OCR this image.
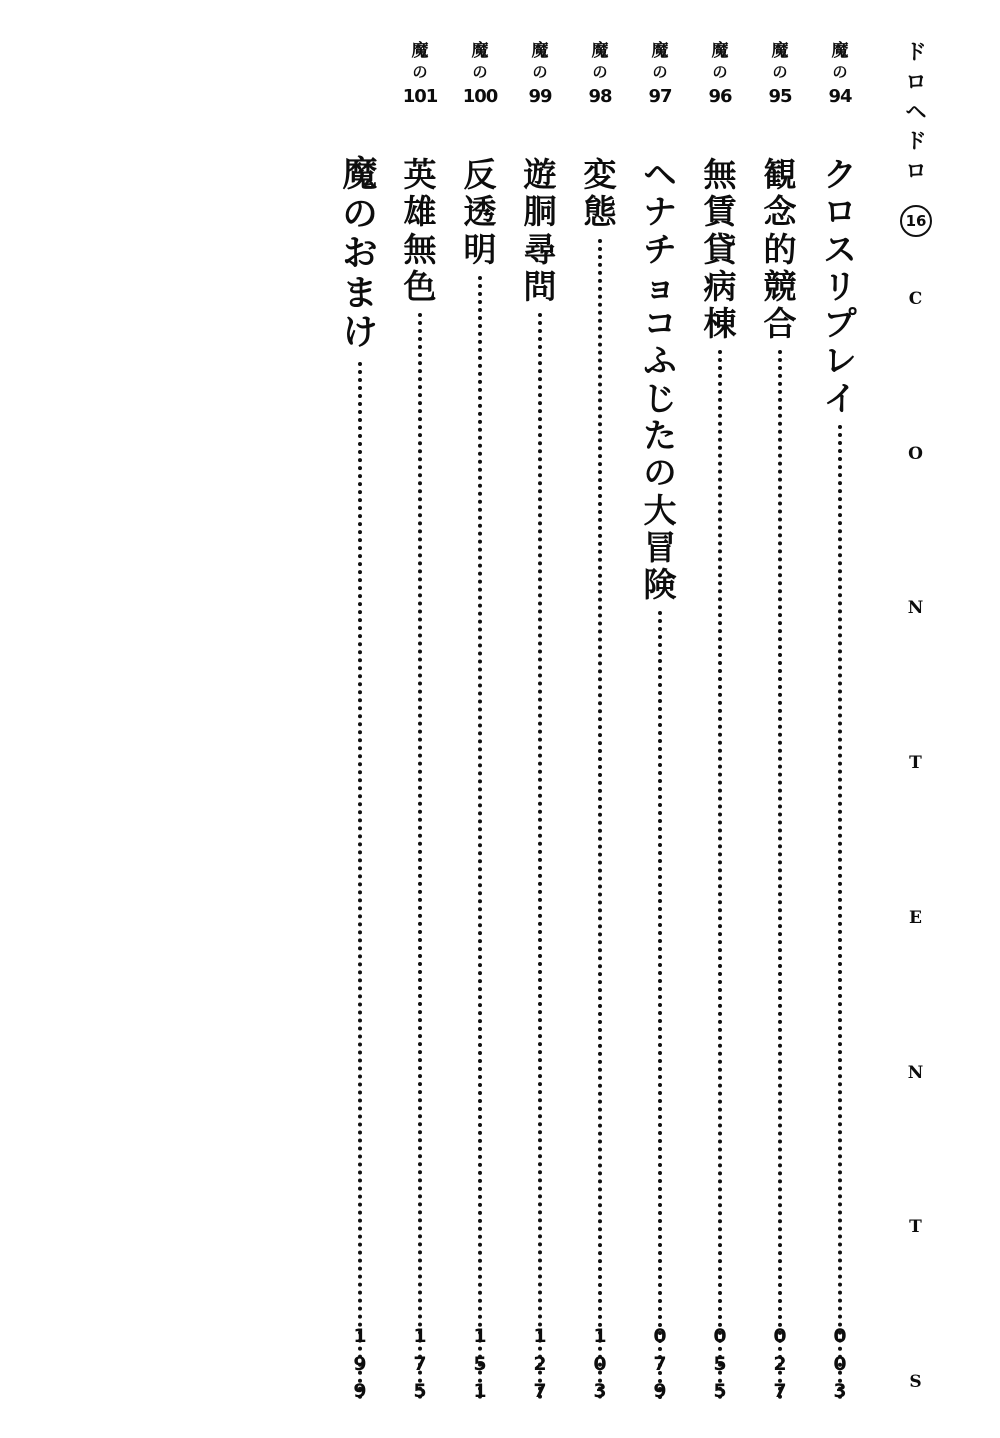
ド
ロ
ヘ
ド
ロ
16
C
O
N
T
E
N
T
S
魔
の
94
ク
ロ
ス
リ
プ
レ
イ
0
0
3
魔
の
95
観
念
的
競
合
0
2
7
魔
の
96
無
賃
貸
病
棟
0
5
5
魔
の
97
ヘ
ナ
チ
ョ
コ
ふ
じ
た
の
大
冒
険
0
7
9
魔
の
98
変
態
1
0
3
魔
の
99
遊
胴
尋
問
1
2
7
魔
の
100
反
透
明
1
5
1
魔
の
101
英
雄
無
色
1
7
5
魔
の
お
ま
け
1
9
9
